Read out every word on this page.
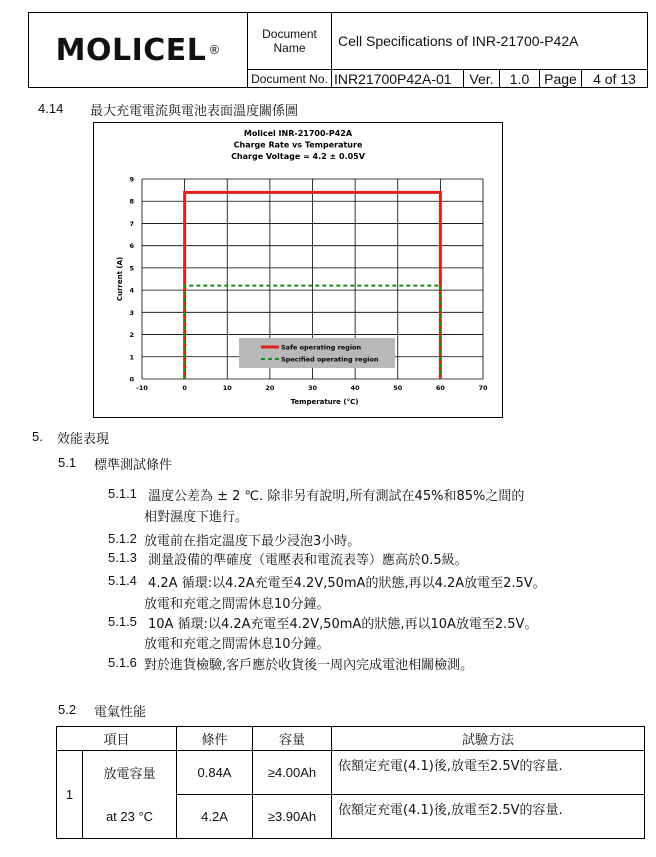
MOLICEL ®
Document Name	Cell Specifications of INR-21700-P42A
Document No. INR21700P42A-01 Ver. 1.0 Page 4 of 13
4.14 最大充電電流與電池表面溫度關係圖
Molicel INR-21700-P42A
Charge Rate vs Temperature
Charge Voltage = 4.2 ± 0.05V
-10	0	10	20	30	40	50	60	70
0
1
2
3
4
5
6
7
8
9
Temperature (°C)
Current (A)
Safe operating region
Specified operating region
5. 效能表現
5.1 標準測試條件
5.1.1 溫度公差為 ± 2 ℃. 除非另有說明,所有測試在45%和85%之間的
相對濕度下進行。
5.1.2 放電前在指定溫度下最少浸泡3小時。
5.1.3 測量設備的準確度（電壓表和電流表等）應高於0.5級。
5.1.4 4.2A 循環:以4.2A充電至4.2V,50mA的狀態,再以4.2A放電至2.5V。
放電和充電之間需休息10分鐘。
5.1.5 10A 循環:以4.2A充電至4.2V,50mA的狀態,再以10A放電至2.5V。
放電和充電之間需休息10分鐘。
5.1.6 對於進貨檢驗,客戶應於收貨後一周內完成電池相關檢測。
5.2 電氣性能
項目		條件	容量	試驗方法
1	放電容量	0.84A	≥4.00Ah	依額定充電(4.1)後,放電至2.5V的容量.
	at 23 °C	4.2A	≥3.90Ah	依額定充電(4.1)後,放電至2.5V的容量.
